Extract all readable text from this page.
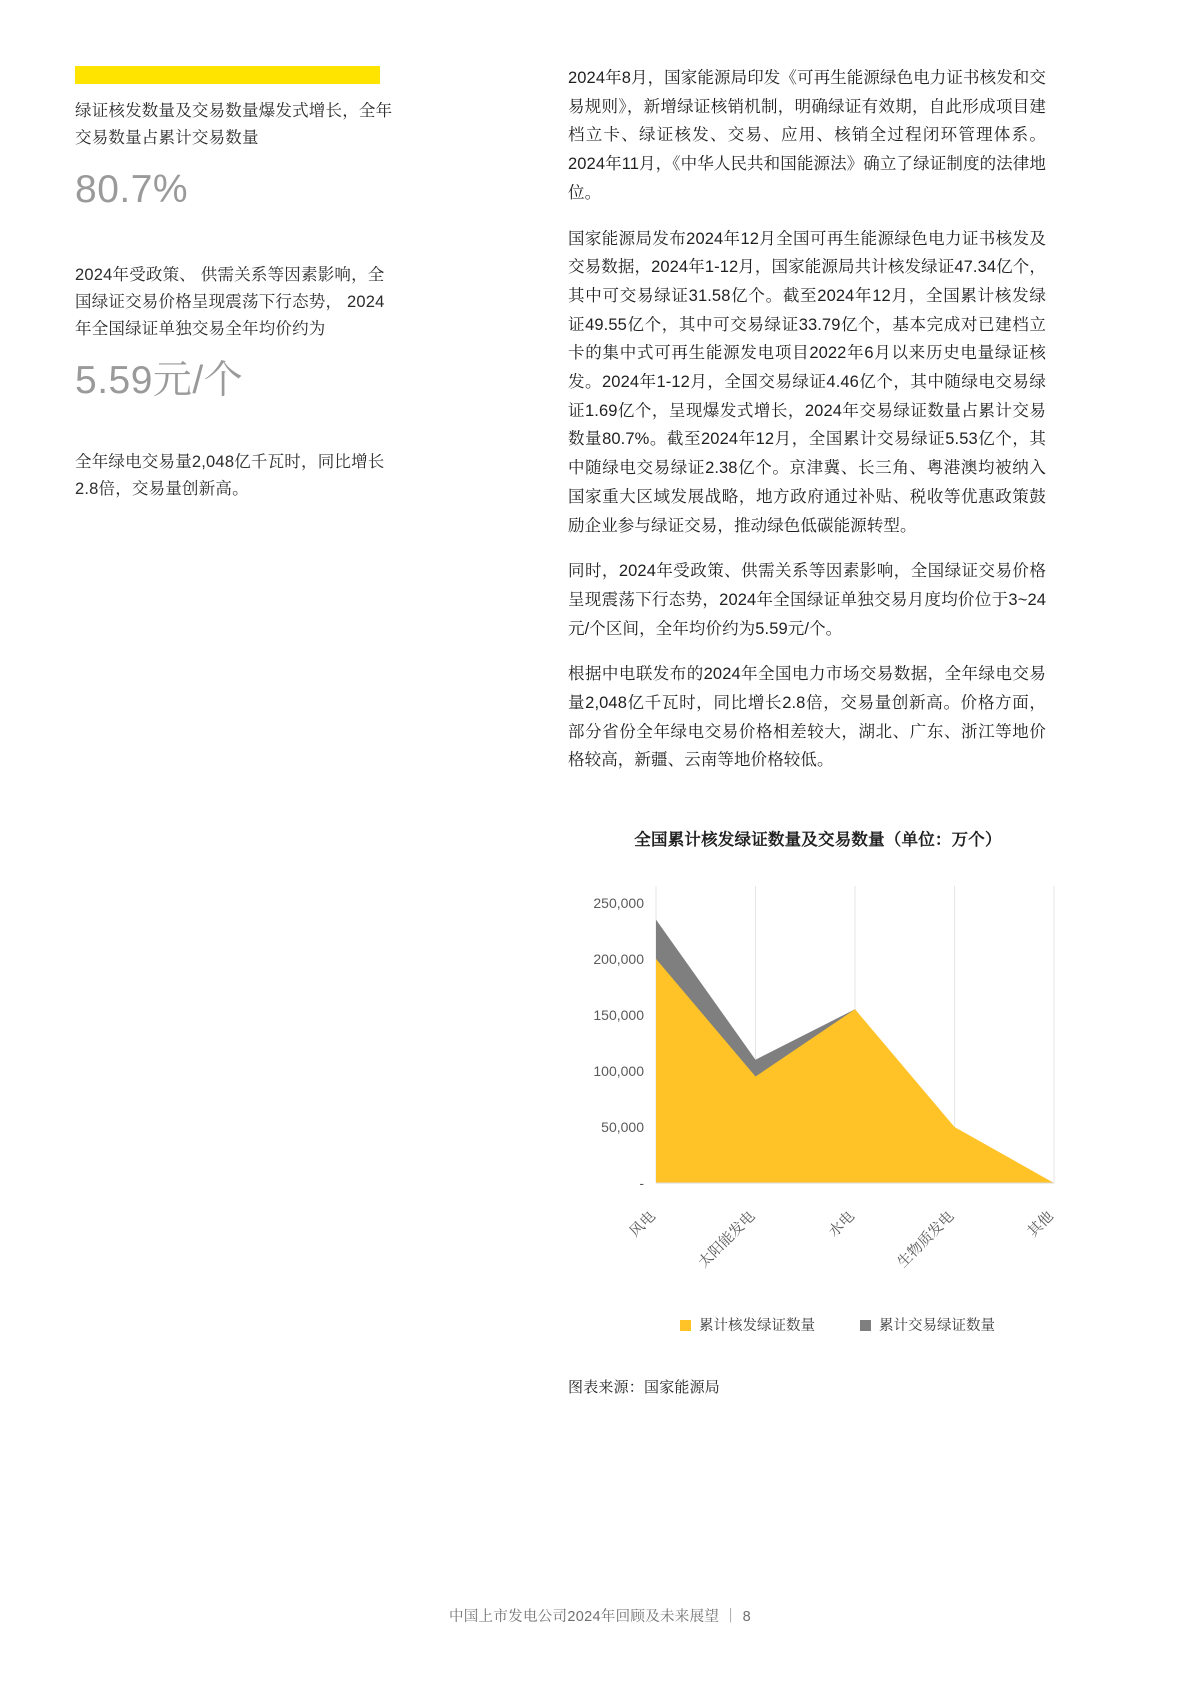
绿证核发数量及交易数量爆发式增长，全年交易数量占累计交易数量
80.7%
2024年受政策、 供需关系等因素影响，全国绿证交易价格呈现震荡下行态势， 2024年全国绿证单独交易全年均价约为
5.59元/个
全年绿电交易量2,048亿千瓦时，同比增长2.8倍，交易量创新高。

2024年8月，国家能源局印发《可再生能源绿色电力证书核发和交易规则》，新增绿证核销机制，明确绿证有效期，自此形成项目建档立卡、绿证核发、交易、应用、核销全过程闭环管理体系。2024年11月，《中华人民共和国能源法》确立了绿证制度的法律地位。

国家能源局发布2024年12月全国可再生能源绿色电力证书核发及交易数据，2024年1-12月，国家能源局共计核发绿证47.34亿个，其中可交易绿证31.58亿个。截至2024年12月，全国累计核发绿证49.55亿个，其中可交易绿证33.79亿个，基本完成对已建档立卡的集中式可再生能源发电项目2022年6月以来历史电量绿证核发。2024年1-12月，全国交易绿证4.46亿个，其中随绿电交易绿证1.69亿个，呈现爆发式增长，2024年交易绿证数量占累计交易数量80.7%。截至2024年12月，全国累计交易绿证5.53亿个，其中随绿电交易绿证2.38亿个。京津冀、长三角、粤港澳均被纳入国家重大区域发展战略，地方政府通过补贴、税收等优惠政策鼓励企业参与绿证交易，推动绿色低碳能源转型。

同时，2024年受政策、供需关系等因素影响，全国绿证交易价格呈现震荡下行态势，2024年全国绿证单独交易月度均价位于3~24元/个区间，全年均价约为5.59元/个。

根据中电联发布的2024年全国电力市场交易数据，全年绿电交易量2,048亿千瓦时，同比增长2.8倍，交易量创新高。价格方面，部分省份全年绿电交易价格相差较大，湖北、广东、浙江等地价格较高，新疆、云南等地价格较低。

全国累计核发绿证数量及交易数量（单位：万个）
250,000
200,000
150,000
100,000
50,000
-
风电	太阳能发电	水电	生物质发电	其他
累计核发绿证数量	累计交易绿证数量
图表来源：国家能源局
中国上市发电公司2024年回顾及未来展望 ｜ 8
